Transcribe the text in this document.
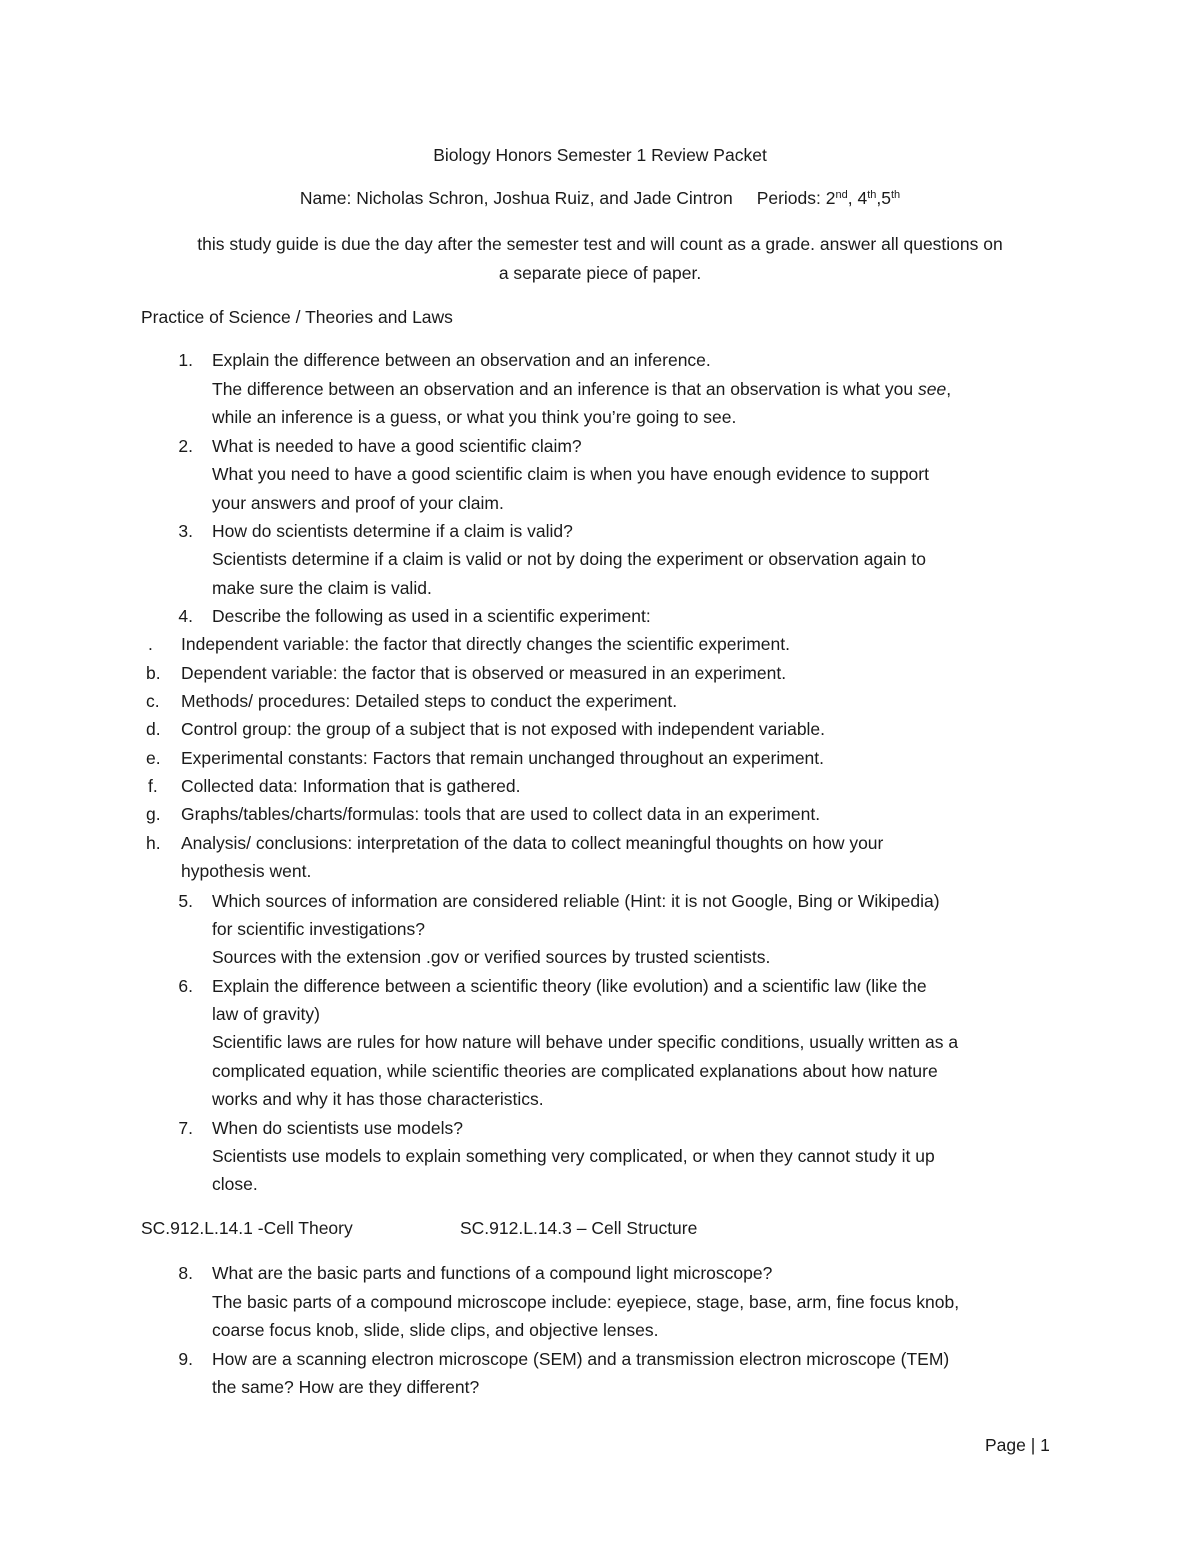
Biology Honors Semester 1 Review Packet
Name: Nicholas Schron, Joshua Ruiz, and Jade Cintron Periods: 2nd, 4th,5th
this study guide is due the day after the semester test and will count as a grade. answer all questions on
a separate piece of paper.
Practice of Science / Theories and Laws
1. Explain the difference between an observation and an inference.
The difference between an observation and an inference is that an observation is what you see,
while an inference is a guess, or what you think you’re going to see.
2. What is needed to have a good scientific claim?
What you need to have a good scientific claim is when you have enough evidence to support
your answers and proof of your claim.
3. How do scientists determine if a claim is valid?
Scientists determine if a claim is valid or not by doing the experiment or observation again to
make sure the claim is valid.
4. Describe the following as used in a scientific experiment:
. Independent variable: the factor that directly changes the scientific experiment.
b. Dependent variable: the factor that is observed or measured in an experiment.
c. Methods/ procedures: Detailed steps to conduct the experiment.
d. Control group: the group of a subject that is not exposed with independent variable.
e. Experimental constants: Factors that remain unchanged throughout an experiment.
f. Collected data: Information that is gathered.
g. Graphs/tables/charts/formulas: tools that are used to collect data in an experiment.
h. Analysis/ conclusions: interpretation of the data to collect meaningful thoughts on how your
hypothesis went.
5. Which sources of information are considered reliable (Hint: it is not Google, Bing or Wikipedia)
for scientific investigations?
Sources with the extension .gov or verified sources by trusted scientists.
6. Explain the difference between a scientific theory (like evolution) and a scientific law (like the
law of gravity)
Scientific laws are rules for how nature will behave under specific conditions, usually written as a
complicated equation, while scientific theories are complicated explanations about how nature
works and why it has those characteristics.
7. When do scientists use models?
Scientists use models to explain something very complicated, or when they cannot study it up
close.
SC.912.L.14.1 -Cell Theory	SC.912.L.14.3 – Cell Structure
8. What are the basic parts and functions of a compound light microscope?
The basic parts of a compound microscope include: eyepiece, stage, base, arm, fine focus knob,
coarse focus knob, slide, slide clips, and objective lenses.
9. How are a scanning electron microscope (SEM) and a transmission electron microscope (TEM)
the same? How are they different?
Page | 1
